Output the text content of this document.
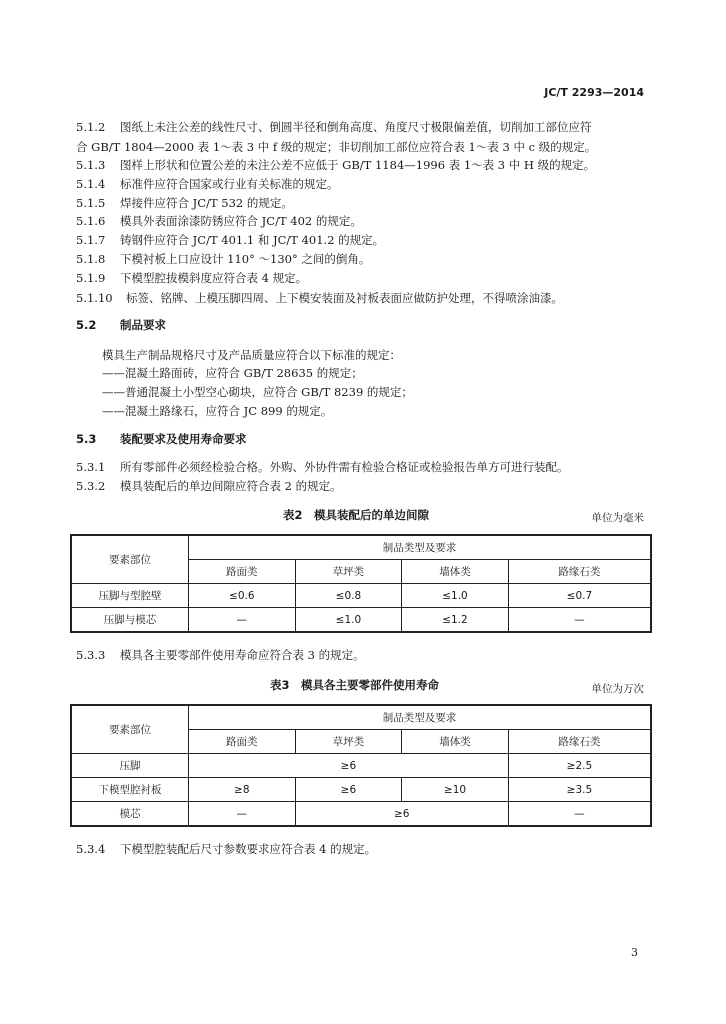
JC/T 2293—2014
5.1.2 图纸上未注公差的线性尺寸、倒圆半径和倒角高度、角度尺寸极限偏差值，切削加工部位应符
合 GB/T 1804—2000 表 1～表 3 中 f 级的规定；非切削加工部位应符合表 1～表 3 中 c 级的规定。
5.1.3 图样上形状和位置公差的未注公差不应低于 GB/T 1184—1996 表 1～表 3 中 H 级的规定。
5.1.4 标准件应符合国家或行业有关标准的规定。
5.1.5 焊接件应符合 JC/T 532 的规定。
5.1.6 模具外表面涂漆防锈应符合 JC/T 402 的规定。
5.1.7 铸钢件应符合 JC/T 401.1 和 JC/T 401.2 的规定。
5.1.8 下模衬板上口应设计 110° ～130° 之间的倒角。
5.1.9 下模型腔拔模斜度应符合表 4 规定。
5.1.10 标签、铭牌、上模压脚四周、上下模安装面及衬板表面应做防护处理，不得喷涂油漆。
5.2 制品要求
模具生产制品规格尺寸及产品质量应符合以下标准的规定：
——混凝土路面砖，应符合 GB/T 28635 的规定；
——普通混凝土小型空心砌块，应符合 GB/T 8239 的规定；
——混凝土路缘石，应符合 JC 899 的规定。
5.3 装配要求及使用寿命要求
5.3.1 所有零部件必须经检验合格。外购、外协件需有检验合格证或检验报告单方可进行装配。
5.3.2 模具装配后的单边间隙应符合表 2 的规定。
表2　模具装配后的单边间隙	单位为毫米
要素部位	制品类型及要求			
	路面类	草坪类	墙体类	路缘石类
压脚与型腔壁	≤0.6	≤0.8	≤1.0	≤0.7
压脚与模芯	—	≤1.0	≤1.2	—
5.3.3 模具各主要零部件使用寿命应符合表 3 的规定。
表3　模具各主要零部件使用寿命	单位为万次
要素部位	制品类型及要求			
	路面类	草坪类	墙体类	路缘石类
压脚	≥6			≥2.5
下模型腔衬板	≥8	≥6	≥10	≥3.5
模芯	—	≥6		—
5.3.4 下模型腔装配后尺寸参数要求应符合表 4 的规定。
3
